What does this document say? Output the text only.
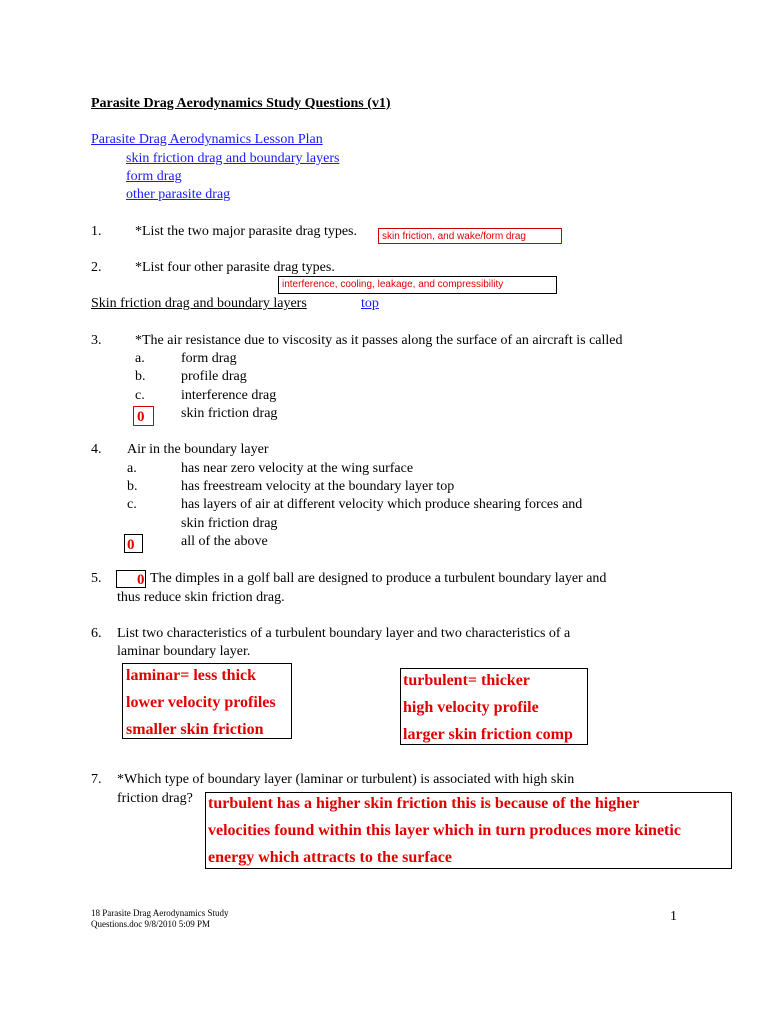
Parasite Drag Aerodynamics Study Questions (v1)
Parasite Drag Aerodynamics Lesson Plan
skin friction drag and boundary layers
form drag
other parasite drag
1. *List the two major parasite drag types.	skin friction, and wake/form drag
2. *List four other parasite drag types.
interference, cooling, leakage, and compressibility
Skin friction drag and boundary layers	top
3. *The air resistance due to viscosity as it passes along the surface of an aircraft is called
a.	form drag
b.	profile drag
c.	interference drag
0	skin friction drag
4. Air in the boundary layer
a.	has near zero velocity at the wing surface
b.	has freestream velocity at the boundary layer top
c.	has layers of air at different velocity which produce shearing forces and
skin friction drag
0	all of the above
5. 0 The dimples in a golf ball are designed to produce a turbulent boundary layer and
thus reduce skin friction drag.
6. List two characteristics of a turbulent boundary layer and two characteristics of a
laminar boundary layer.
laminar= less thick
lower velocity profiles
smaller skin friction
turbulent= thicker
high velocity profile
larger skin friction comp
7. *Which type of boundary layer (laminar or turbulent) is associated with high skin
friction drag? turbulent has a higher skin friction this is because of the higher
velocities found within this layer which in turn produces more kinetic
energy which attracts to the surface
18 Parasite Drag Aerodynamics Study
Questions.doc 9/8/2010 5:09 PM	1
